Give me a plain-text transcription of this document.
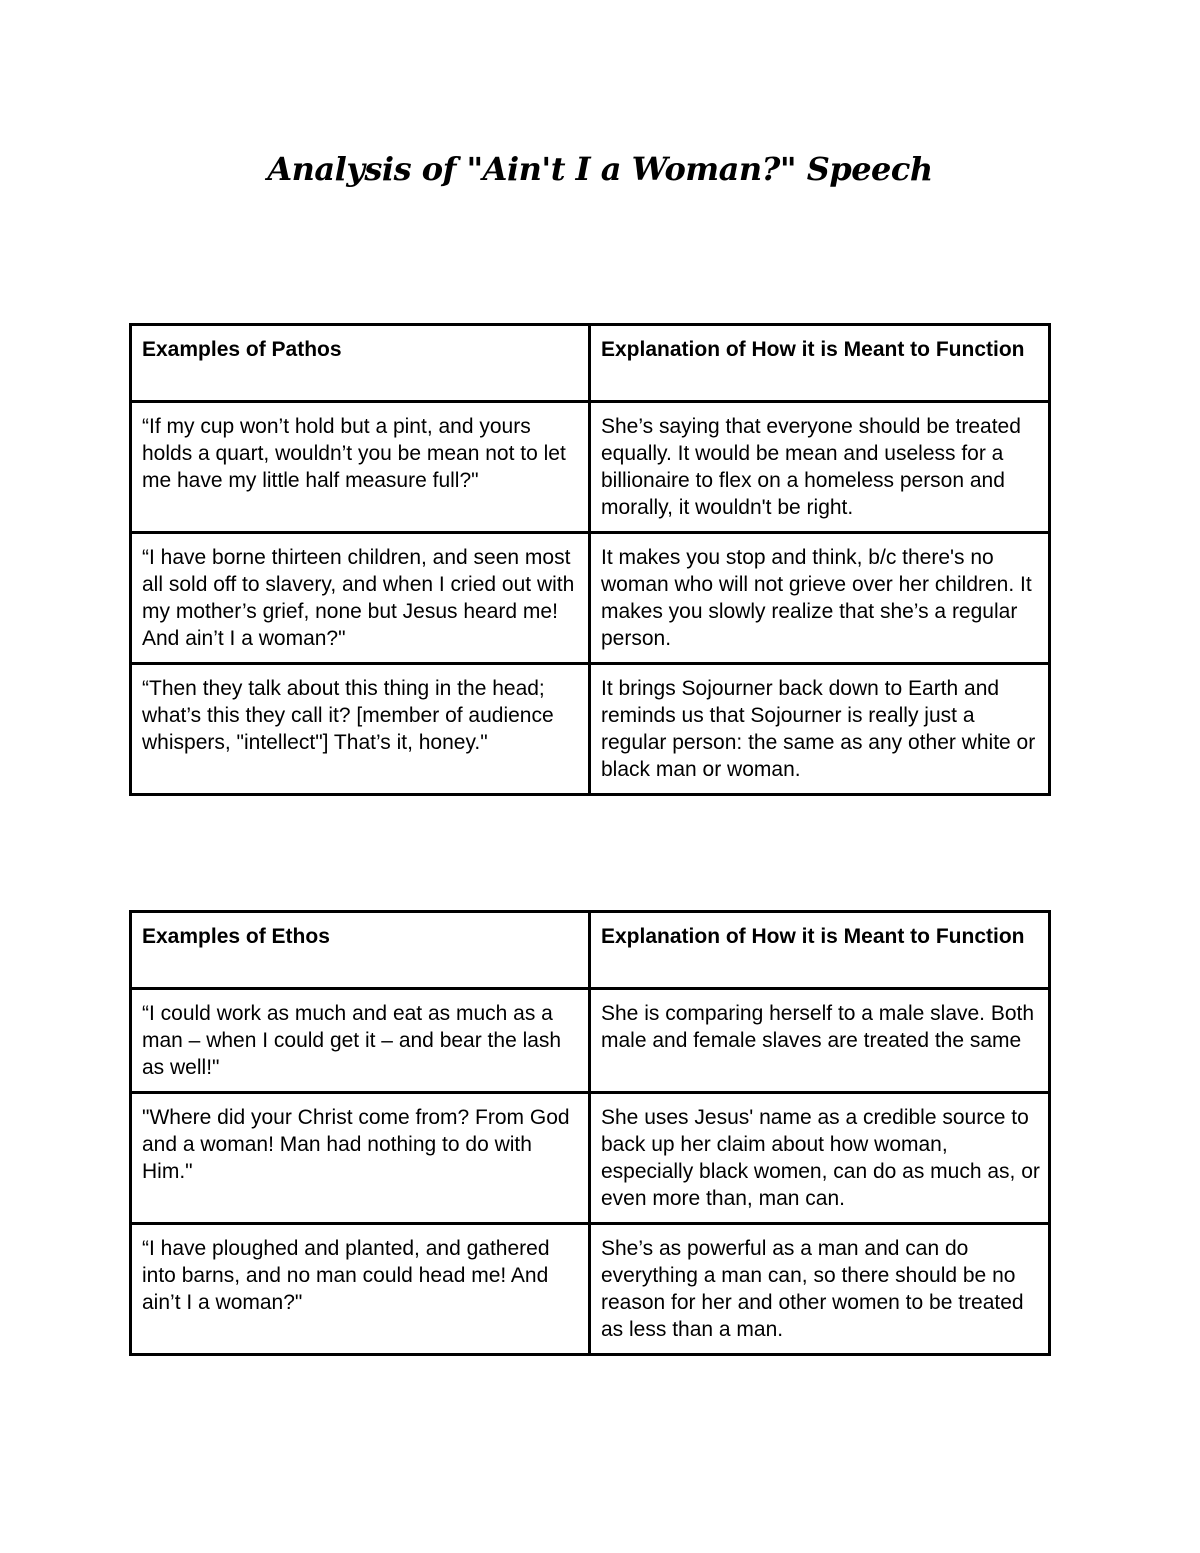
Analysis of "Ain't I a Woman?" Speech
Examples of Pathos	Explanation of How it is Meant to Function
“If my cup won’t hold but a pint, and yours holds a quart, wouldn’t you be mean not to let me have my little half measure full?"	She’s saying that everyone should be treated equally. It would be mean and useless for a billionaire to flex on a homeless person and morally, it wouldn't be right.
“I have borne thirteen children, and seen most all sold off to slavery, and when I cried out with my mother’s grief, none but Jesus heard me! And ain’t I a woman?"	It makes you stop and think, b/c there's no woman who will not grieve over her children. It makes you slowly realize that she’s a regular person.
“Then they talk about this thing in the head; what’s this they call it? [member of audience whispers, "intellect"] That’s it, honey."	It brings Sojourner back down to Earth and reminds us that Sojourner is really just a regular person: the same as any other white or black man or woman.
Examples of Ethos	Explanation of How it is Meant to Function
“I could work as much and eat as much as a man – when I could get it – and bear the lash as well!"	She is comparing herself to a male slave. Both male and female slaves are treated the same
"Where did your Christ come from? From God and a woman! Man had nothing to do with Him."	She uses Jesus' name as a credible source to back up her claim about how woman, especially black women, can do as much as, or even more than, man can.
“I have ploughed and planted, and gathered into barns, and no man could head me! And ain’t I a woman?"	She’s as powerful as a man and can do everything a man can, so there should be no reason for her and other women to be treated as less than a man.
